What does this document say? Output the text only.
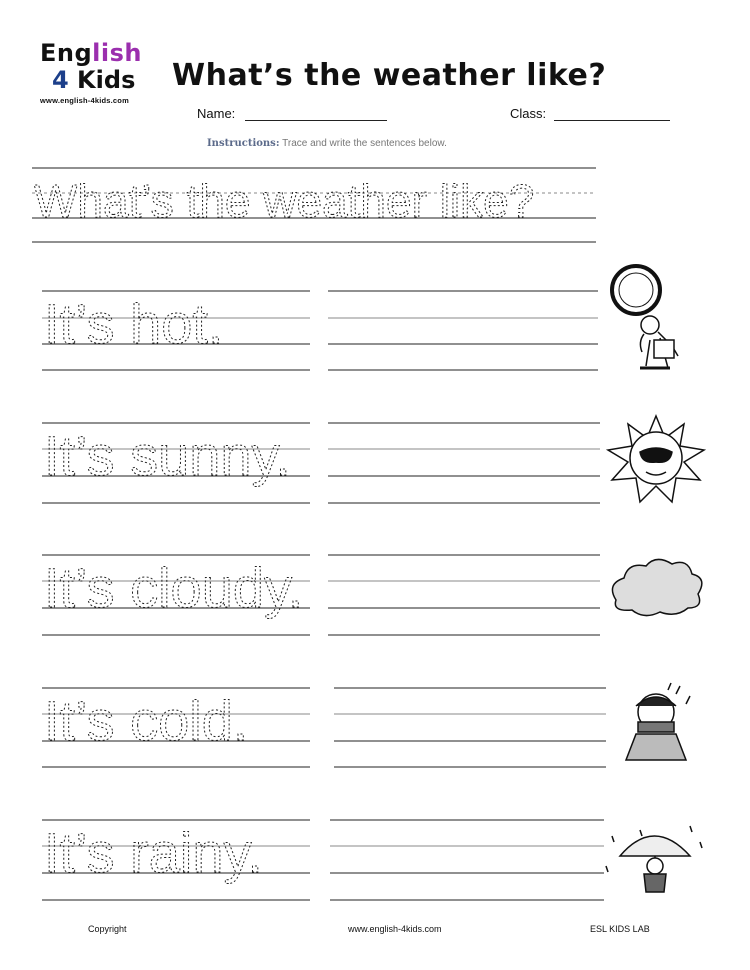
English
4 Kids
www.english-4kids.com
What’s the weather like?
Name:	Class:
Instructions: Trace and write the sentences below.
What’s the weather like?
It’s hot.
It’s sunny.
It’s cloudy.
It’s cold.
It’s rainy.
Copyright	www.english-4kids.com	ESL KIDS LAB
